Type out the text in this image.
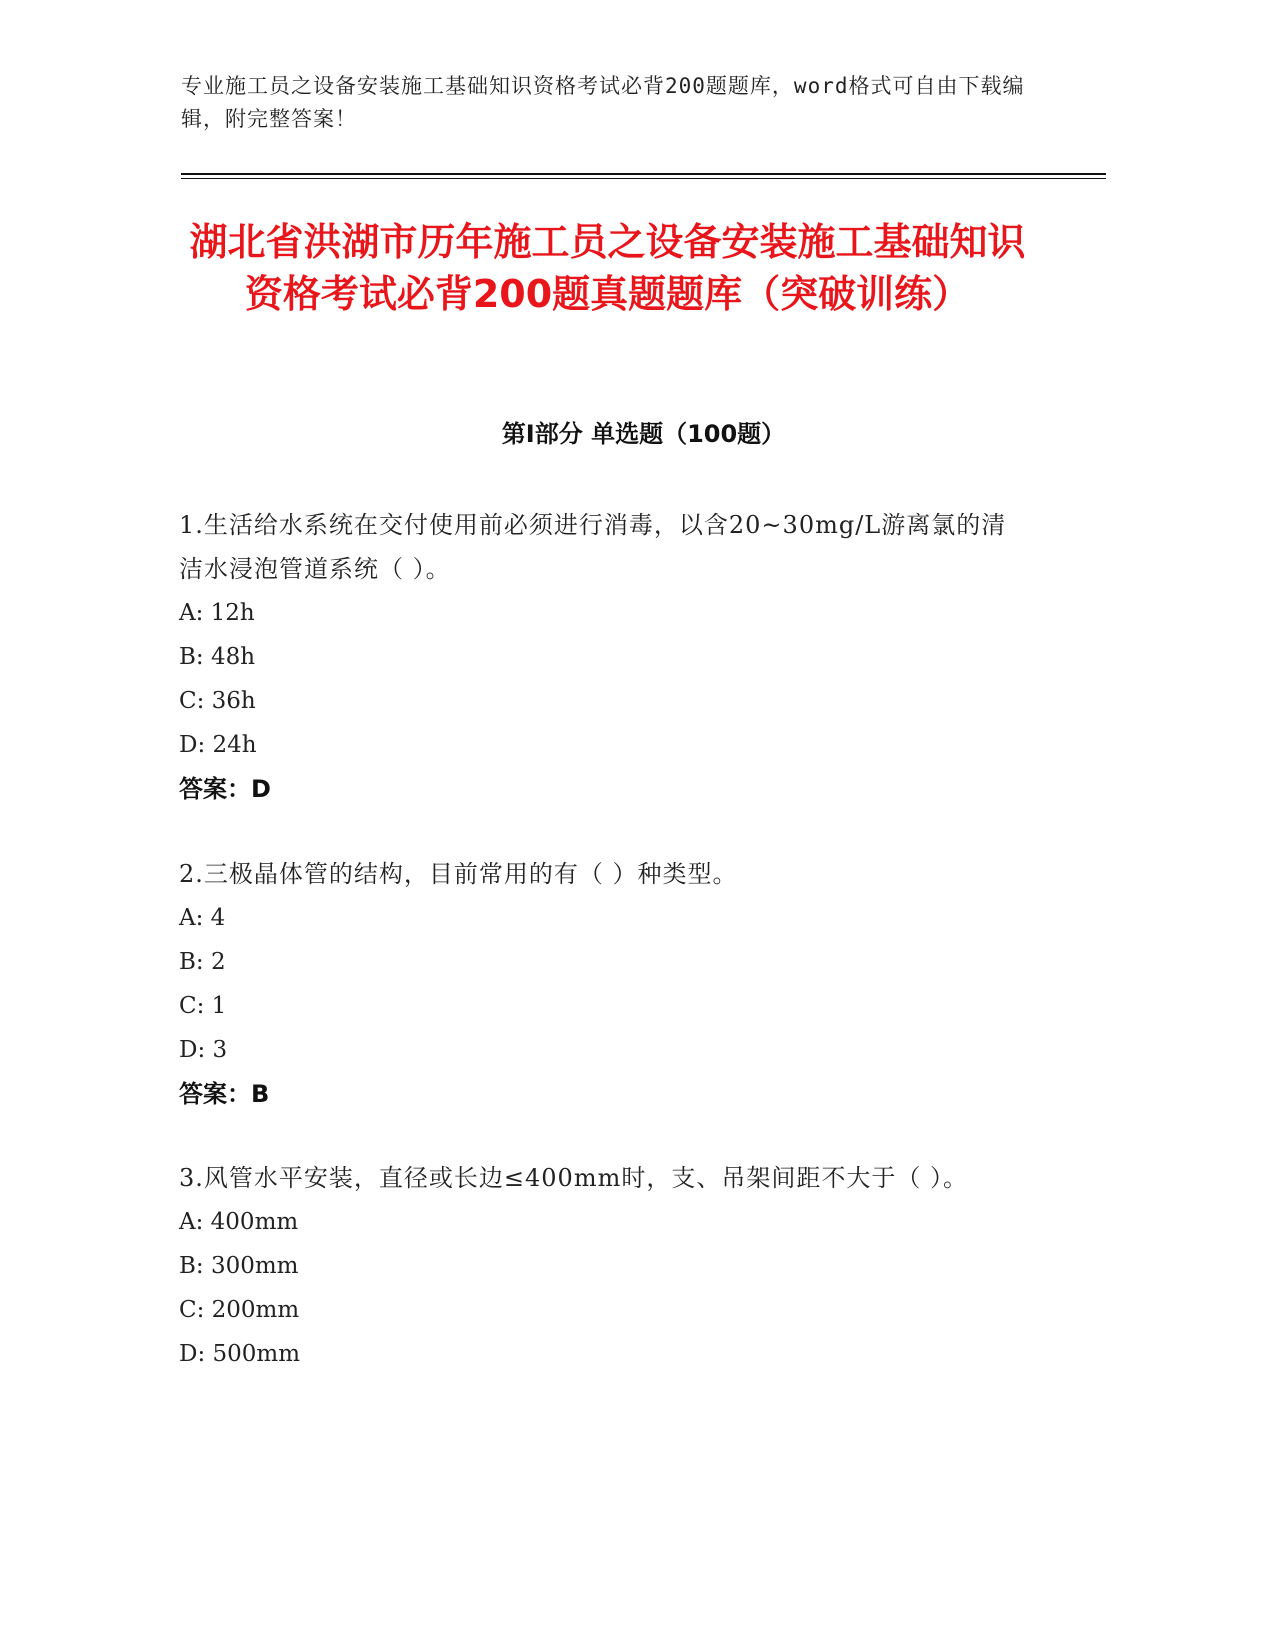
专业施工员之设备安装施工基础知识资格考试必背200题题库，word格式可自由下载编辑，附完整答案！
湖北省洪湖市历年施工员之设备安装施工基础知识资格考试必背200题真题题库（突破训练）
第Ⅰ部分 单选题（100题）
1.生活给水系统在交付使用前必须进行消毒，以含20~30mg/L游离氯的清洁水浸泡管道系统（ ）。
A: 12h
B: 48h
C: 36h
D: 24h
答案：D
2.三极晶体管的结构，目前常用的有（ ）种类型。
A: 4
B: 2
C: 1
D: 3
答案：B
3.风管水平安装，直径或长边≤400mm时，支、吊架间距不大于（ ）。
A: 400mm
B: 300mm
C: 200mm
D: 500mm
